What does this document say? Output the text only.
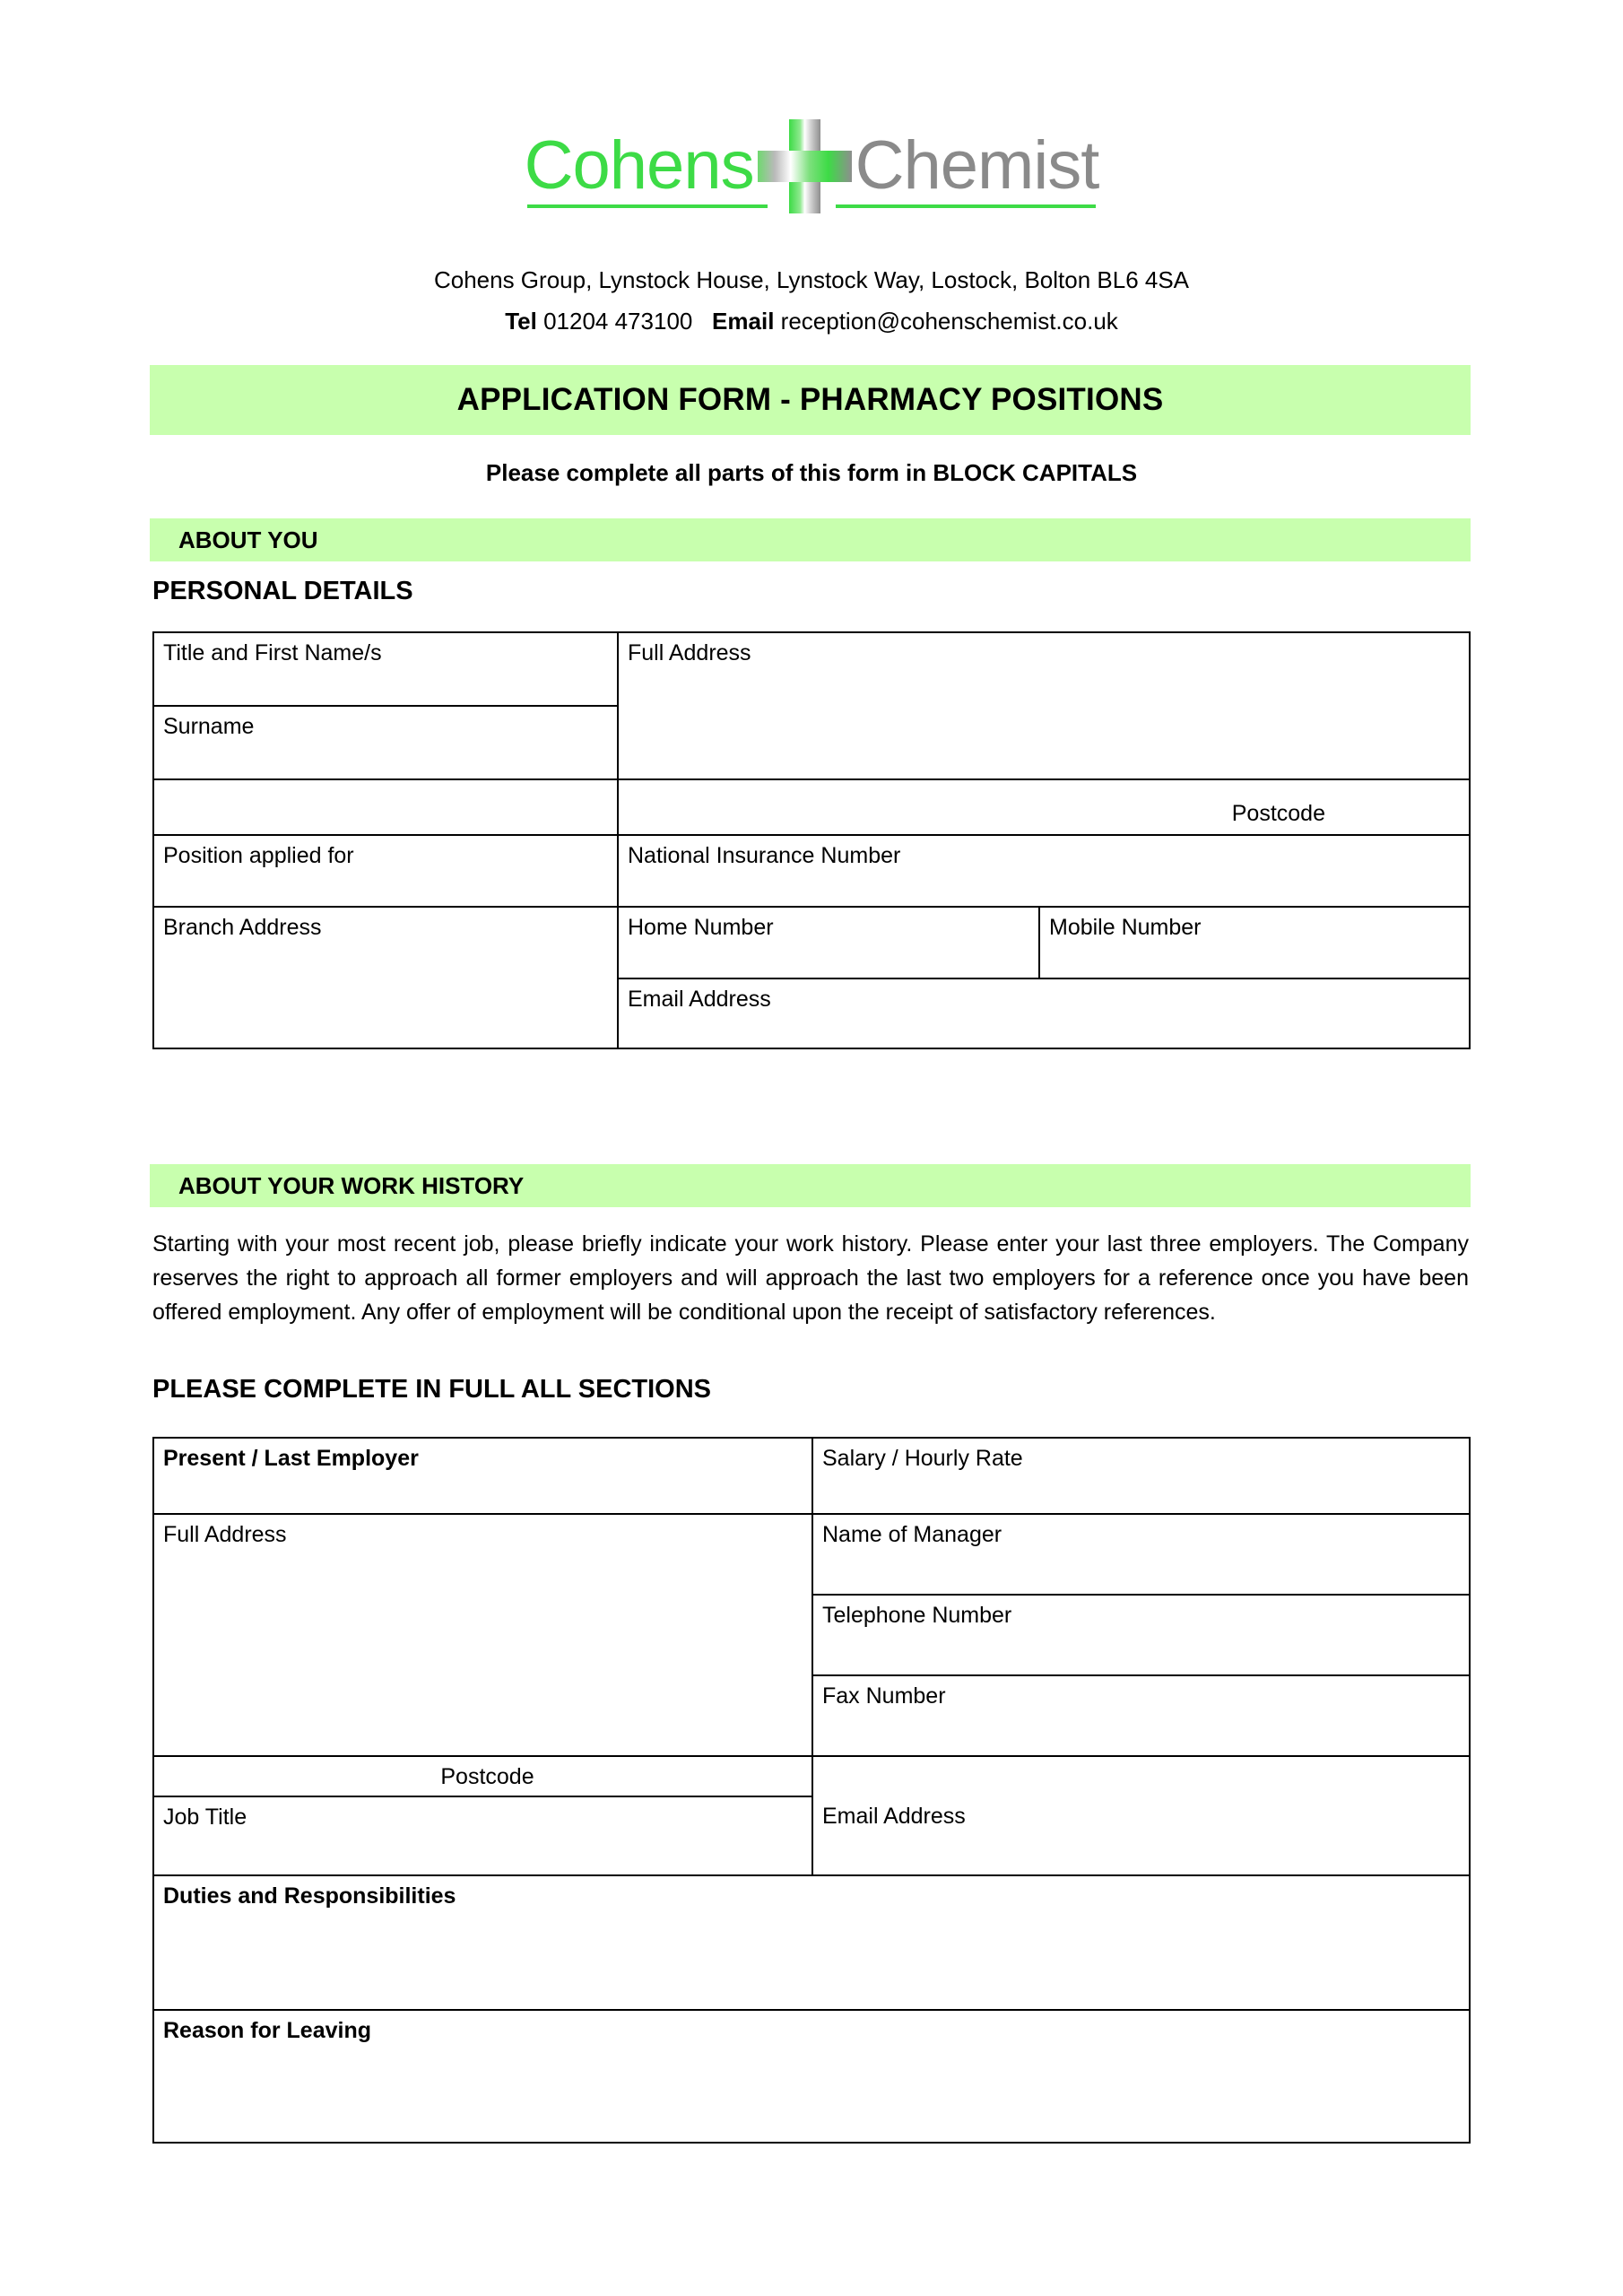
Cohens Chemist
Cohens Group, Lynstock House, Lynstock Way, Lostock, Bolton BL6 4SA
Tel 01204 473100 Email reception@cohenschemist.co.uk
APPLICATION FORM - PHARMACY POSITIONS
Please complete all parts of this form in BLOCK CAPITALS
ABOUT YOU
PERSONAL DETAILS
Title and First Name/s	Full Address	

Surname		

	Postcode	
Position applied for	National Insurance Number	
Branch Address	Home Number	Mobile Number
	Email Address	
ABOUT YOUR WORK HISTORY
Starting with your most recent job, please briefly indicate your work history. Please enter your last three employers. The Company reserves the right to approach all former employers and will approach the last two employers for a reference once you have been offered employment. Any offer of employment will be conditional upon the receipt of satisfactory references.
PLEASE COMPLETE IN FULL ALL SECTIONS
Present / Last Employer	Salary / Hourly Rate

Full Address	Name of Manager
	Telephone Number
	Fax Number
Postcode	
Job Title	Email Address
Duties and Responsibilities	
Reason for Leaving	
